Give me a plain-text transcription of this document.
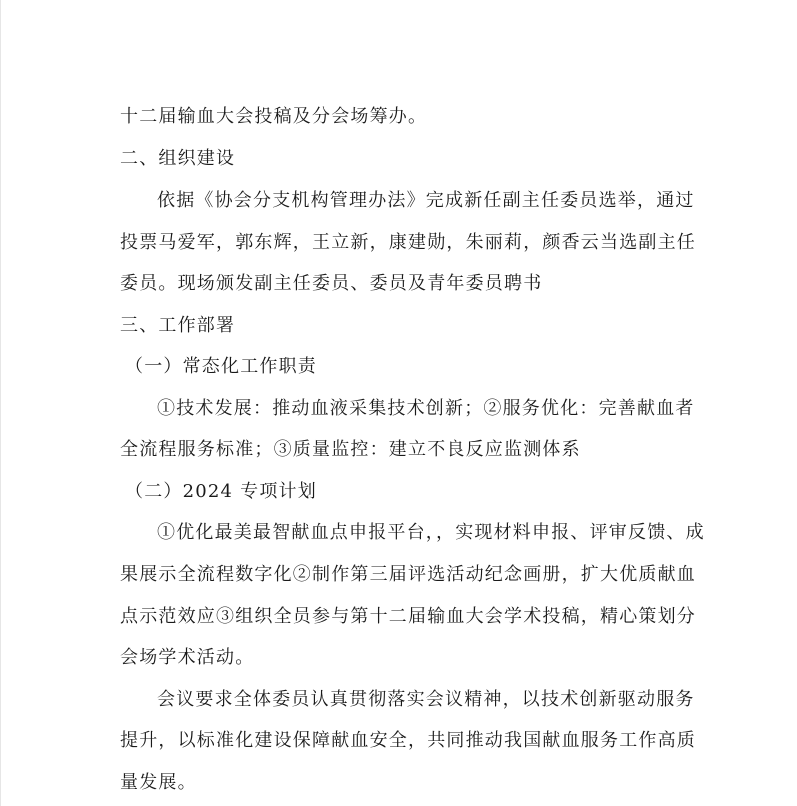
十二届输血大会投稿及分会场筹办。
二、组织建设
依据《协会分支机构管理办法》完成新任副主任委员选举，通过
投票马爱军，郭东辉，王立新，康建勋，朱丽莉，颜香云当选副主任
委员。现场颁发副主任委员、委员及青年委员聘书
三、工作部署
（一）常态化工作职责
①技术发展：推动血液采集技术创新；②服务优化：完善献血者
全流程服务标准；③质量监控：建立不良反应监测体系
（二）2024 专项计划
①优化最美最智献血点申报平台，，实现材料申报、评审反馈、成
果展示全流程数字化②制作第三届评选活动纪念画册，扩大优质献血
点示范效应③组织全员参与第十二届输血大会学术投稿，精心策划分
会场学术活动。
会议要求全体委员认真贯彻落实会议精神，以技术创新驱动服务
提升，以标准化建设保障献血安全，共同推动我国献血服务工作高质
量发展。
